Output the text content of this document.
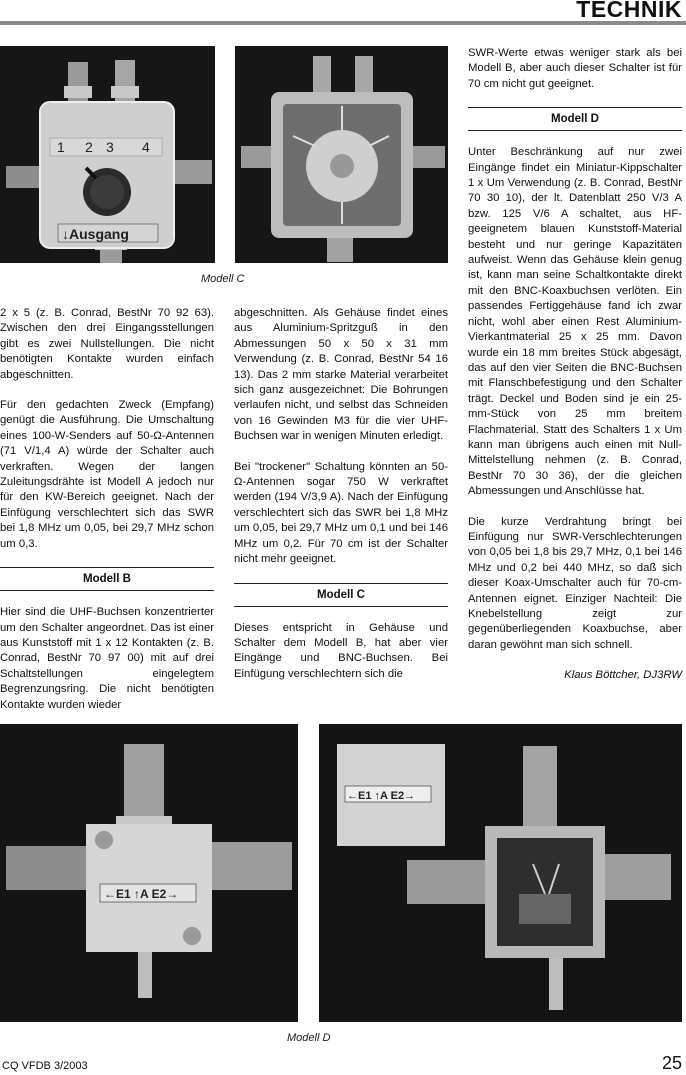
TECHNIK
1 2 3 4
↓Ausgang
Modell C

2 x 5 (z. B. Conrad, BestNr 70 92 63). Zwischen den drei Eingangsstellungen gibt es zwei Nullstellungen. Die nicht benötigten Kontakte wurden einfach abgeschnitten.

Für den gedachten Zweck (Empfang) genügt die Ausführung. Die Umschaltung eines 100-W-Senders auf 50-Ω-Antennen (71 V/1,4 A) würde der Schalter auch verkraften. Wegen der langen Zuleitungsdrähte ist Modell A jedoch nur für den KW-Bereich geeignet. Nach der Einfügung verschlechtert sich das SWR bei 1,8 MHz um 0,05, bei 29,7 MHz schon um 0,3.

Modell B

Hier sind die UHF-Buchsen konzentrierter um den Schalter angeordnet. Das ist einer aus Kunststoff mit 1 x 12 Kontakten (z. B. Conrad, BestNr 70 97 00) mit auf drei Schaltstellungen eingelegtem Begrenzungsring. Die nicht benötigten Kontakte wurden wieder

abgeschnitten. Als Gehäuse findet eines aus Aluminium-Spritzguß in den Abmessungen 50 x 50 x 31 mm Verwendung (z. B. Conrad, BestNr 54 16 13). Das 2 mm starke Material verarbeitet sich ganz ausgezeichnet: Die Bohrungen verlaufen nicht, und selbst das Schneiden von 16 Gewinden M3 für die vier UHF-Buchsen war in wenigen Minuten erledigt.

Bei "trockener" Schaltung könnten an 50-Ω-Antennen sogar 750 W verkraftet werden (194 V/3,9 A). Nach der Einfügung verschlechtert sich das SWR bei 1,8 MHz um 0,05, bei 29,7 MHz um 0,1 und bei 146 MHz um 0,2. Für 70 cm ist der Schalter nicht mehr geeignet.

Modell C

Dieses entspricht in Gehäuse und Schalter dem Modell B, hat aber vier Eingänge und BNC-Buchsen. Bei Einfügung verschlechtern sich die

SWR-Werte etwas weniger stark als bei Modell B, aber auch dieser Schalter ist für 70 cm nicht gut geeignet.

Modell D

Unter Beschränkung auf nur zwei Eingänge findet ein Miniatur-Kippschalter 1 x Um Verwendung (z. B. Conrad, BestNr 70 30 10), der lt. Datenblatt 250 V/3 A bzw. 125 V/6 A schaltet, aus HF-geeignetem blauen Kunststoff-Material besteht und nur geringe Kapazitäten aufweist. Wenn das Gehäuse klein genug ist, kann man seine Schaltkontakte direkt mit den BNC-Koaxbuchsen verlöten. Ein passendes Fertiggehäuse fand ich zwar nicht, wohl aber einen Rest Aluminium-Vierkantmaterial 25 x 25 mm. Davon wurde ein 18 mm breites Stück abgesägt, das auf den vier Seiten die BNC-Buchsen mit Flanschbefestigung und den Schalter trägt. Deckel und Boden sind je ein 25-mm-Stück von 25 mm breitem Flachmaterial. Statt des Schalters 1 x Um kann man übrigens auch einen mit Null-Mittelstellung nehmen (z. B. Conrad, BestNr 70 30 36), der die gleichen Abmessungen und Anschlüsse hat.

Die kurze Verdrahtung bringt bei Einfügung nur SWR-Verschlechterungen von 0,05 bei 1,8 bis 29,7 MHz, 0,1 bei 146 MHz und 0,2 bei 440 MHz, so daß sich dieser Koax-Umschalter auch für 70-cm-Antennen eignet. Einziger Nachteil: Die Knebelstellung zeigt zur gegenüberliegenden Koaxbuchse, aber daran gewöhnt man sich schnell.

Klaus Böttcher, DJ3RW
←E1 ↑A E2→
←E1 ↑A E2→
Modell D
CQ VFDB 3/2003	25
